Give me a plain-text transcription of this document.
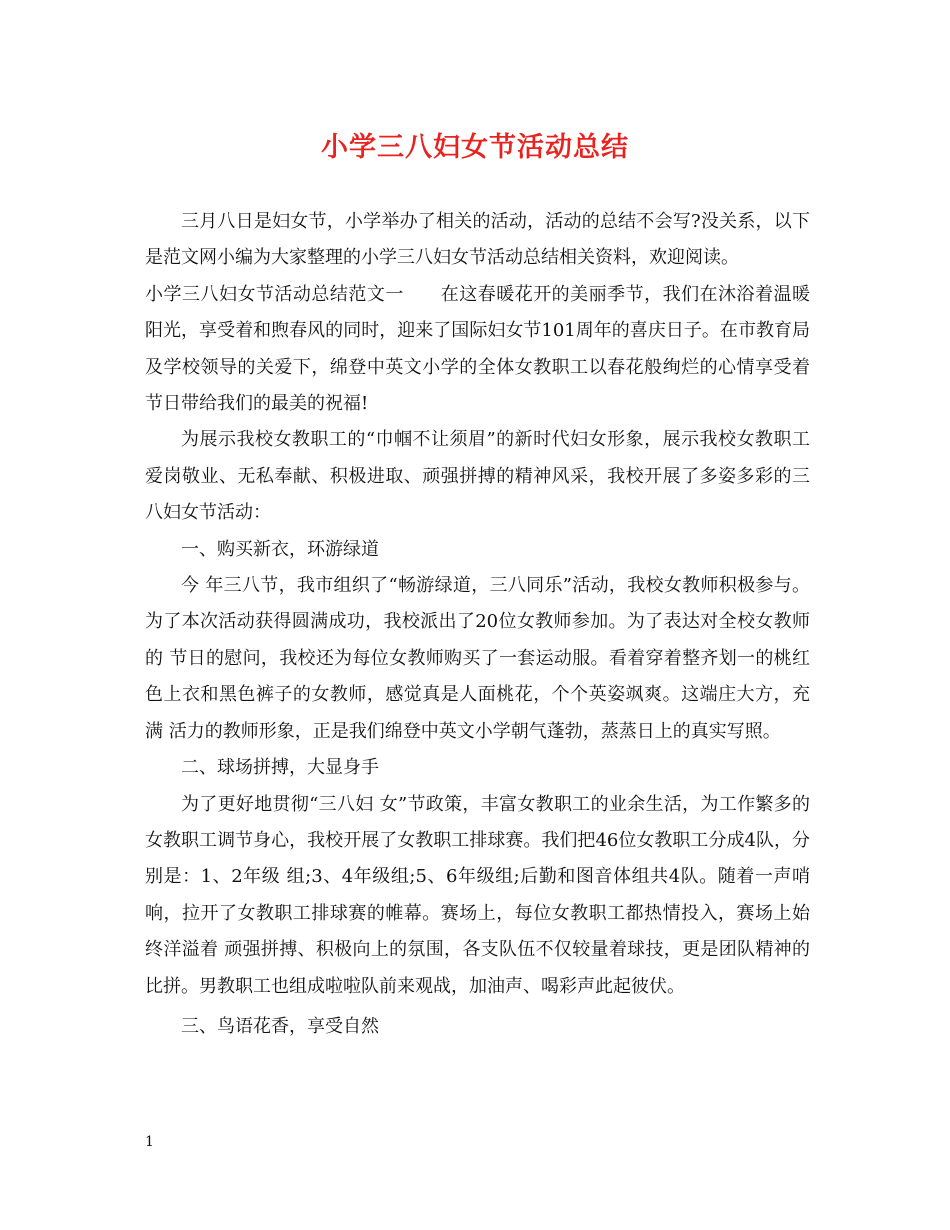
小学三八妇女节活动总结

三月八日是妇女节，小学举办了相关的活动，活动的总结不会写?没关系，以下是范文网小编为大家整理的小学三八妇女节活动总结相关资料，欢迎阅读。

小学三八妇女节活动总结范文一　　在这春暖花开的美丽季节，我们在沐浴着温暖阳光，享受着和煦春风的同时，迎来了国际妇女节101周年的喜庆日子。在市教育局及学校领导的关爱下，绵登中英文小学的全体女教职工以春花般绚烂的心情享受着节日带给我们的最美的祝福!

为展示我校女教职工的“巾帼不让须眉”的新时代妇女形象，展示我校女教职工爱岗敬业、无私奉献、积极进取、顽强拼搏的精神风采，我校开展了多姿多彩的三八妇女节活动：

一、购买新衣，环游绿道

今 年三八节，我市组织了“畅游绿道，三八同乐”活动，我校女教师积极参与。为了本次活动获得圆满成功，我校派出了20位女教师参加。为了表达对全校女教师的 节日的慰问，我校还为每位女教师购买了一套运动服。看着穿着整齐划一的桃红色上衣和黑色裤子的女教师，感觉真是人面桃花，个个英姿飒爽。这端庄大方，充满 活力的教师形象，正是我们绵登中英文小学朝气蓬勃，蒸蒸日上的真实写照。

二、球场拼搏，大显身手

为了更好地贯彻“三八妇 女”节政策，丰富女教职工的业余生活，为工作繁多的女教职工调节身心，我校开展了女教职工排球赛。我们把46位女教职工分成4队，分别是：1、2年级 组;3、4年级组;5、6年级组;后勤和图音体组共4队。随着一声哨响，拉开了女教职工排球赛的帷幕。赛场上，每位女教职工都热情投入，赛场上始终洋溢着 顽强拼搏、积极向上的氛围，各支队伍不仅较量着球技，更是团队精神的比拼。男教职工也组成啦啦队前来观战，加油声、喝彩声此起彼伏。

三、鸟语花香，享受自然

1
